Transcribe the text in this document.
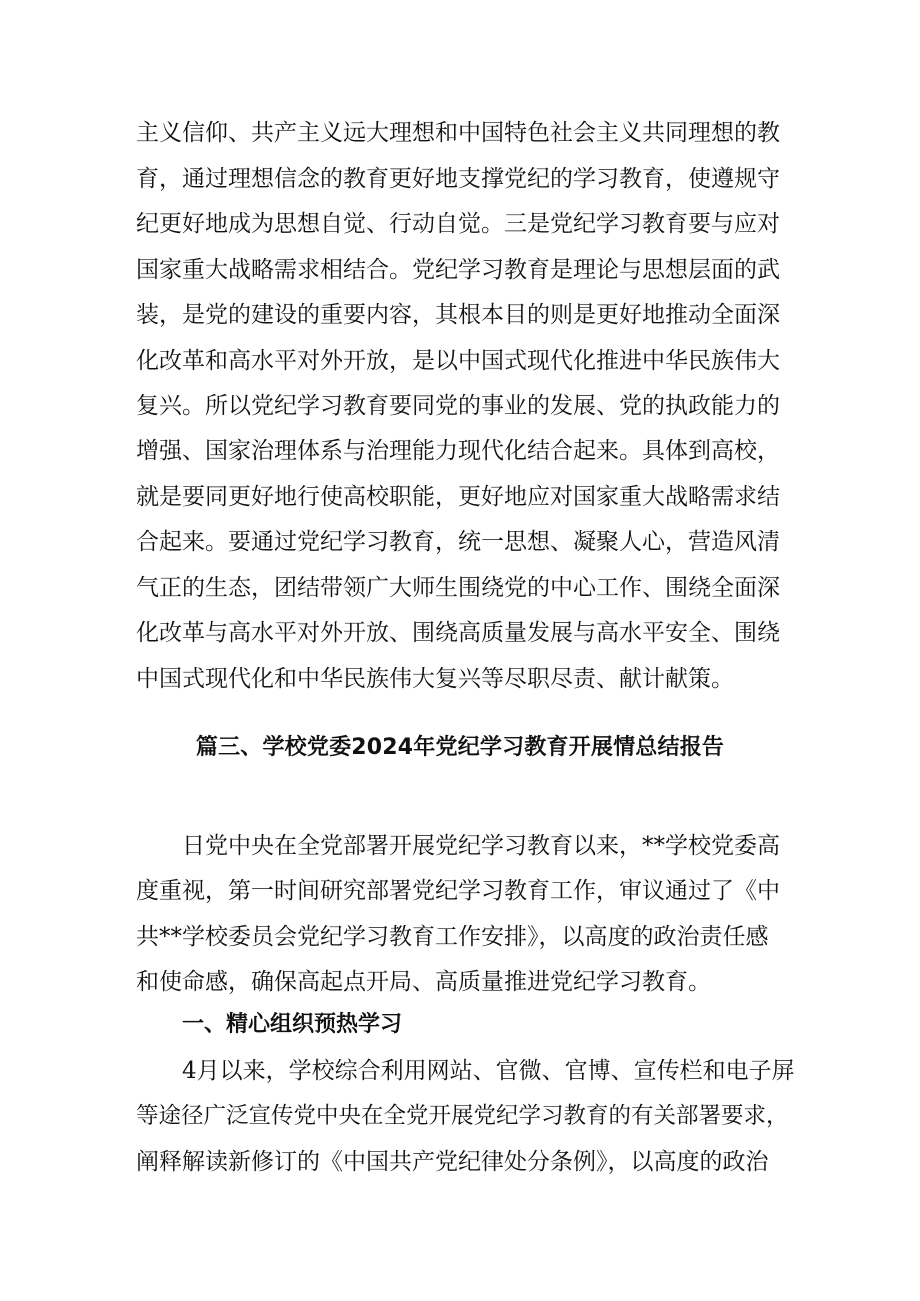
主义信仰、共产主义远大理想和中国特色社会主义共同理想的教
育，通过理想信念的教育更好地支撑党纪的学习教育，使遵规守
纪更好地成为思想自觉、行动自觉。三是党纪学习教育要与应对
国家重大战略需求相结合。党纪学习教育是理论与思想层面的武
装，是党的建设的重要内容，其根本目的则是更好地推动全面深
化改革和高水平对外开放，是以中国式现代化推进中华民族伟大
复兴。所以党纪学习教育要同党的事业的发展、党的执政能力的
增强、国家治理体系与治理能力现代化结合起来。具体到高校，
就是要同更好地行使高校职能，更好地应对国家重大战略需求结
合起来。要通过党纪学习教育，统一思想、凝聚人心，营造风清
气正的生态，团结带领广大师生围绕党的中心工作、围绕全面深
化改革与高水平对外开放、围绕高质量发展与高水平安全、围绕
中国式现代化和中华民族伟大复兴等尽职尽责、献计献策。
篇三、学校党委2024年党纪学习教育开展情总结报告
日党中央在全党部署开展党纪学习教育以来，**学校党委高
度重视，第一时间研究部署党纪学习教育工作，审议通过了《中
共**学校委员会党纪学习教育工作安排》，以高度的政治责任感
和使命感，确保高起点开局、高质量推进党纪学习教育。
一、精心组织预热学习
4月以来，学校综合利用网站、官微、官博、宣传栏和电子屏
等途径广泛宣传党中央在全党开展党纪学习教育的有关部署要求，
阐释解读新修订的《中国共产党纪律处分条例》，以高度的政治
